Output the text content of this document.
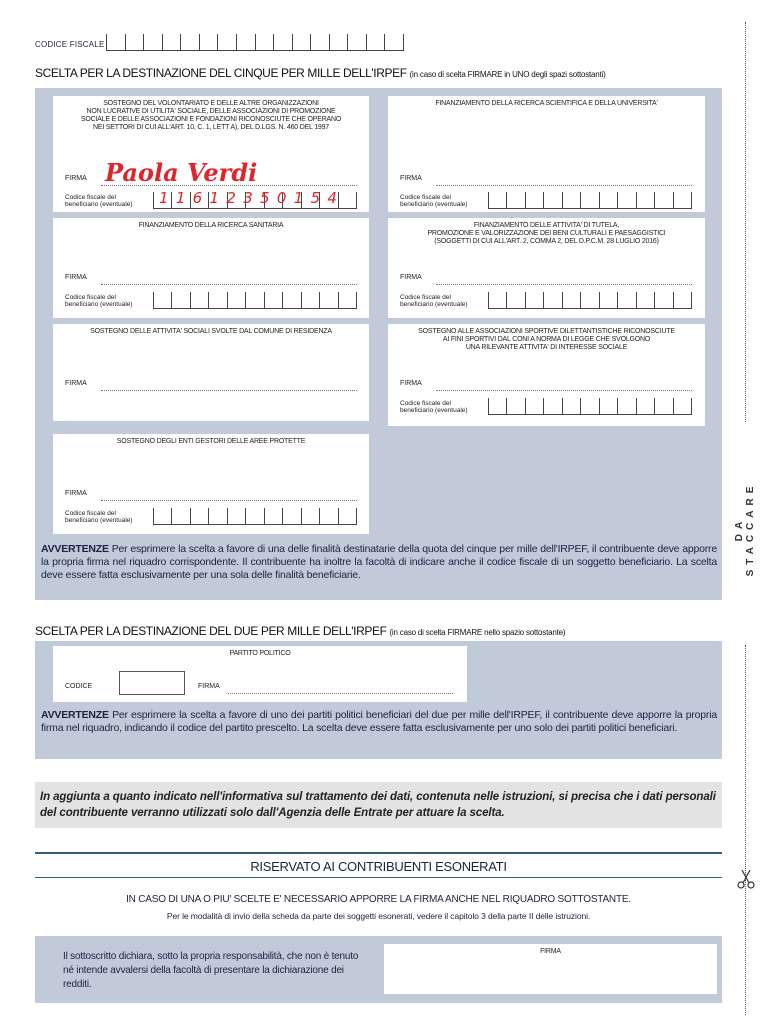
CODICE FISCALE
SCELTA PER LA DESTINAZIONE DEL CINQUE PER MILLE DELL'IRPEF (in caso di scelta FIRMARE in UNO degli spazi sottostanti)
SOSTEGNO DEL VOLONTARIATO E DELLE ALTRE ORGANIZZAZIONI
NON LUCRATIVE DI UTILITA' SOCIALE, DELLE ASSOCIAZIONI DI PROMOZIONE
SOCIALE E DELLE ASSOCIAZIONI E FONDAZIONI RICONOSCIUTE CHE OPERANO
NEI SETTORI DI CUI ALL'ART. 10, C. 1, LETT A), DEL D.LGS. N. 460 DEL 1997
FIRMA Paola Verdi
Codice fiscale del
beneficiario (eventuale) 11612350154
FINANZIAMENTO DELLA RICERCA SCIENTIFICA E DELLA UNIVERSITA'
FIRMA
Codice fiscale del
beneficiario (eventuale)
FINANZIAMENTO DELLA RICERCA SANITARIA
FIRMA
Codice fiscale del
beneficiario (eventuale)
FINANZIAMENTO DELLE ATTIVITA' DI TUTELA,
PROMOZIONE E VALORIZZAZIONE DEI BENI CULTURALI E PAESAGGISTICI
(SOGGETTI DI CUI ALL'ART. 2, COMMA 2, DEL D.P.C.M. 28 LUGLIO 2016)
FIRMA
Codice fiscale del
beneficiario (eventuale)
SOSTEGNO DELLE ATTIVITA' SOCIALI SVOLTE DAL COMUNE DI RESIDENZA
FIRMA
SOSTEGNO ALLE ASSOCIAZIONI SPORTIVE DILETTANTISTICHE RICONOSCIUTE
AI FINI SPORTIVI DAL CONI A NORMA DI LEGGE CHE SVOLGONO
UNA RILEVANTE ATTIVITA' DI INTERESSE SOCIALE
FIRMA
Codice fiscale del
beneficiario (eventuale)
SOSTEGNO DEGLI ENTI GESTORI DELLE AREE PROTETTE
FIRMA
Codice fiscale del
beneficiario (eventuale)
AVVERTENZE Per esprimere la scelta a favore di una delle finalità destinatarie della quota del cinque per mille dell'IRPEF, il contribuente deve apporre la propria firma nel riquadro corrispondente. Il contribuente ha inoltre la facoltà di indicare anche il codice fiscale di un soggetto beneficiario. La scelta deve essere fatta esclusivamente per una sola delle finalità beneficiarie.
SCELTA PER LA DESTINAZIONE DEL DUE PER MILLE DELL'IRPEF (in caso di scelta FIRMARE nello spazio sottostante)
PARTITO POLITICO
CODICE	FIRMA
AVVERTENZE Per esprimere la scelta a favore di uno dei partiti politici beneficiari del due per mille dell'IRPEF, il contribuente deve apporre la propria firma nel riquadro, indicando il codice del partito prescelto. La scelta deve essere fatta esclusivamente per uno solo dei partiti politici beneficiari.
In aggiunta a quanto indicato nell'informativa sul trattamento dei dati, contenuta nelle istruzioni, si precisa che i dati personali del contribuente verranno utilizzati solo dall'Agenzia delle Entrate per attuare la scelta.
RISERVATO AI CONTRIBUENTI ESONERATI
IN CASO DI UNA O PIU' SCELTE E' NECESSARIO APPORRE LA FIRMA ANCHE NEL RIQUADRO SOTTOSTANTE.
Per le modalità di invio della scheda da parte dei soggetti esonerati, vedere il capitolo 3 della parte II delle istruzioni.
Il sottoscritto dichiara, sotto la propria responsabilità, che non è tenuto né intende avvalersi della facoltà di presentare la dichiarazione dei redditi.
FIRMA
DA STACCARE
